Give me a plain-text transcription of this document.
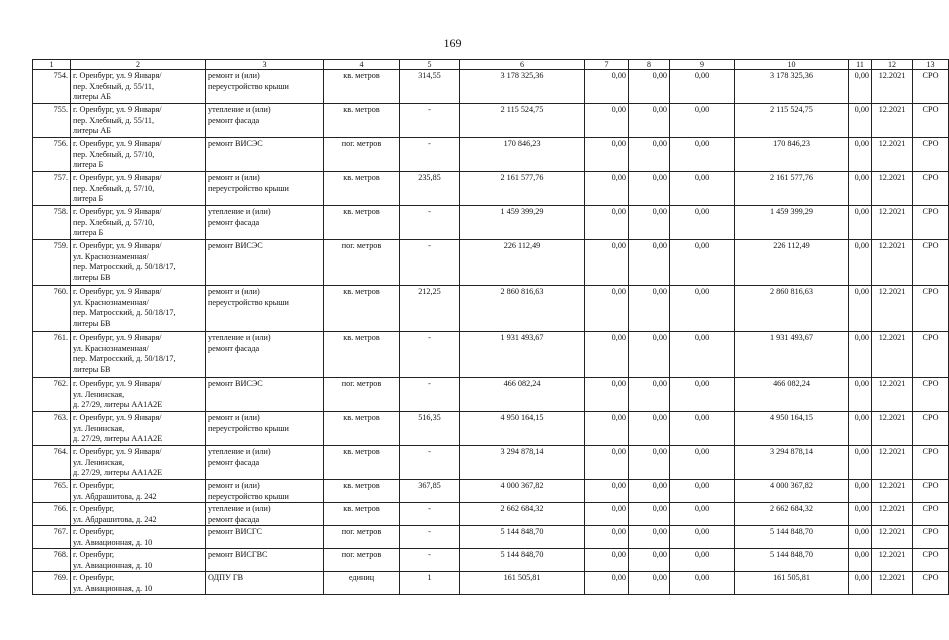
169
1	2	3	4	5	6	7	8	9	10	11	12	13
754.	г. Оренбург, ул. 9 Января/
пер. Хлебный, д. 55/11,
литеры АБ	ремонт и (или)
переустройство крыши	кв. метров	314,55	3 178 325,36	0,00	0,00	0,00	3 178 325,36	0,00	12.2021	СРО
755.	г. Оренбург, ул. 9 Января/
пер. Хлебный, д. 55/11,
литеры АБ	утепление и (или)
ремонт фасада	кв. метров	-	2 115 524,75	0,00	0,00	0,00	2 115 524,75	0,00	12.2021	СРО
756.	г. Оренбург, ул. 9 Января/
пер. Хлебный, д. 57/10,
литера Б	ремонт ВИСЭС	пог. метров	-	170 846,23	0,00	0,00	0,00	170 846,23	0,00	12.2021	СРО
757.	г. Оренбург, ул. 9 Января/
пер. Хлебный, д. 57/10,
литера Б	ремонт и (или)
переустройство крыши	кв. метров	235,85	2 161 577,76	0,00	0,00	0,00	2 161 577,76	0,00	12.2021	СРО
758.	г. Оренбург, ул. 9 Января/
пер. Хлебный, д. 57/10,
литера Б	утепление и (или)
ремонт фасада	кв. метров	-	1 459 399,29	0,00	0,00	0,00	1 459 399,29	0,00	12.2021	СРО
759.	г. Оренбург, ул. 9 Января/
ул. Краснознаменная/
пер. Матросский, д. 50/18/17,
литеры БВ	ремонт ВИСЭС	пог. метров	-	226 112,49	0,00	0,00	0,00	226 112,49	0,00	12.2021	СРО
760.	г. Оренбург, ул. 9 Января/
ул. Краснознаменная/
пер. Матросский, д. 50/18/17,
литеры БВ	ремонт и (или)
переустройство крыши	кв. метров	212,25	2 860 816,63	0,00	0,00	0,00	2 860 816,63	0,00	12.2021	СРО
761.	г. Оренбург, ул. 9 Января/
ул. Краснознаменная/
пер. Матросский, д. 50/18/17,
литеры БВ	утепление и (или)
ремонт фасада	кв. метров	-	1 931 493,67	0,00	0,00	0,00	1 931 493,67	0,00	12.2021	СРО
762.	г. Оренбург, ул. 9 Января/
ул. Ленинская,
д. 27/29, литеры АА1А2Е	ремонт ВИСЭС	пог. метров	-	466 082,24	0,00	0,00	0,00	466 082,24	0,00	12.2021	СРО
763.	г. Оренбург, ул. 9 Января/
ул. Ленинская,
д. 27/29, литеры АА1А2Е	ремонт и (или)
переустройство крыши	кв. метров	516,35	4 950 164,15	0,00	0,00	0,00	4 950 164,15	0,00	12.2021	СРО
764.	г. Оренбург, ул. 9 Января/
ул. Ленинская,
д. 27/29, литеры АА1А2Е	утепление и (или)
ремонт фасада	кв. метров	-	3 294 878,14	0,00	0,00	0,00	3 294 878,14	0,00	12.2021	СРО
765.	г. Оренбург,
ул. Абдрашитова, д. 242	ремонт и (или)
переустройство крыши	кв. метров	367,85	4 000 367,82	0,00	0,00	0,00	4 000 367,82	0,00	12.2021	СРО
766.	г. Оренбург,
ул. Абдрашитова, д. 242	утепление и (или)
ремонт фасада	кв. метров	-	2 662 684,32	0,00	0,00	0,00	2 662 684,32	0,00	12.2021	СРО
767.	г. Оренбург,
ул. Авиационная, д. 10	ремонт ВИСГС	пог. метров	-	5 144 848,70	0,00	0,00	0,00	5 144 848,70	0,00	12.2021	СРО
768.	г. Оренбург,
ул. Авиационная, д. 10	ремонт ВИСГВС	пог. метров	-	5 144 848,70	0,00	0,00	0,00	5 144 848,70	0,00	12.2021	СРО
769.	г. Оренбург,
ул. Авиационная, д. 10	ОДПУ ГВ	единиц	1	161 505,81	0,00	0,00	0,00	161 505,81	0,00	12.2021	СРО
